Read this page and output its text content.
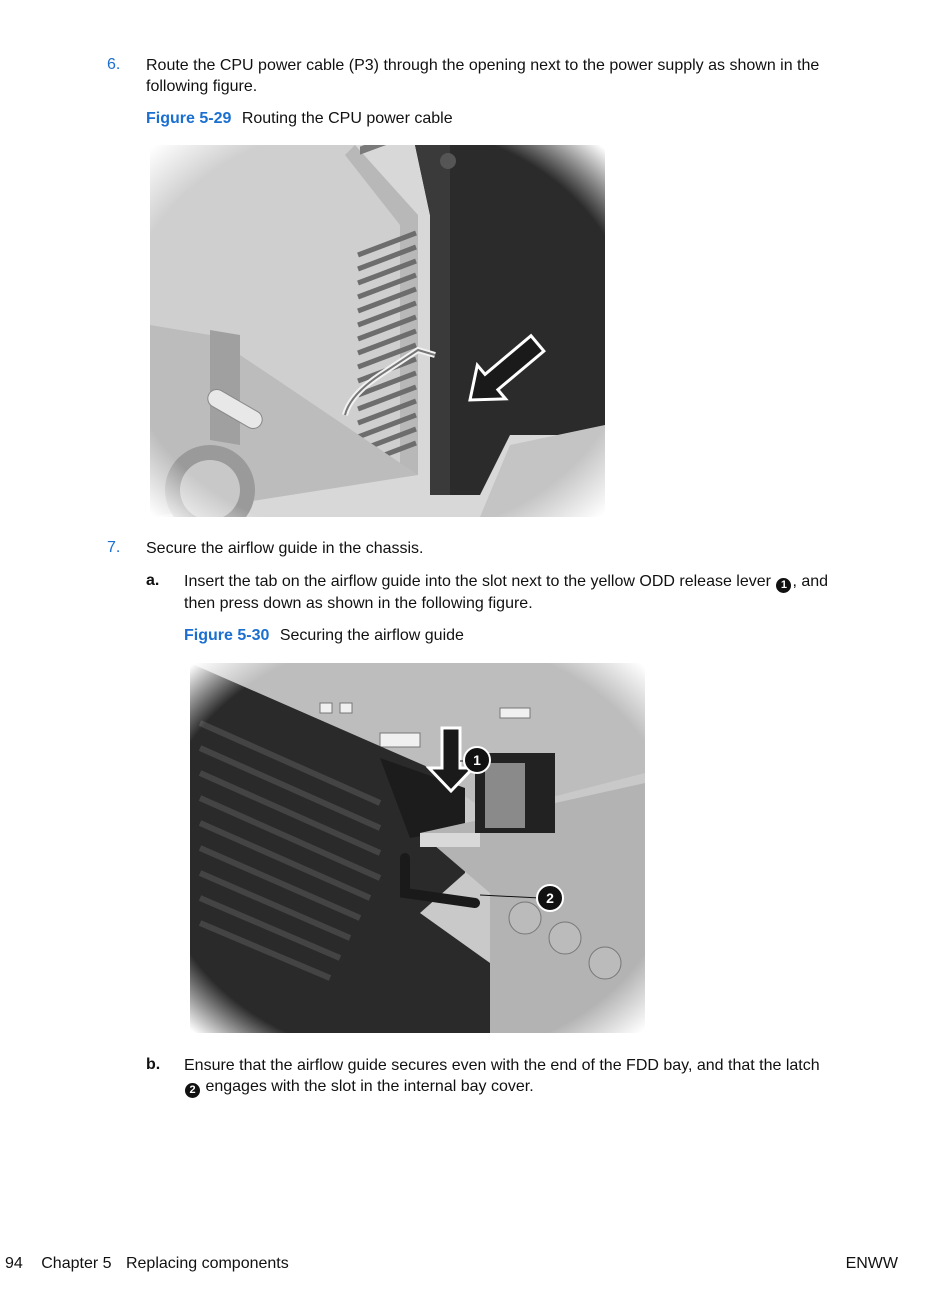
6. Route the CPU power cable (P3) through the opening next to the power supply as shown in the
following figure.
Figure 5-29 Routing the CPU power cable
7. Secure the airflow guide in the chassis.
a. Insert the tab on the airflow guide into the slot next to the yellow ODD release lever 1 , and
then press down as shown in the following figure.
Figure 5-30 Securing the airflow guide
b. Ensure that the airflow guide secures even with the end of the FDD bay, and that the latch
2 engages with the slot in the internal bay cover.
94 Chapter 5 Replacing components	ENWW
